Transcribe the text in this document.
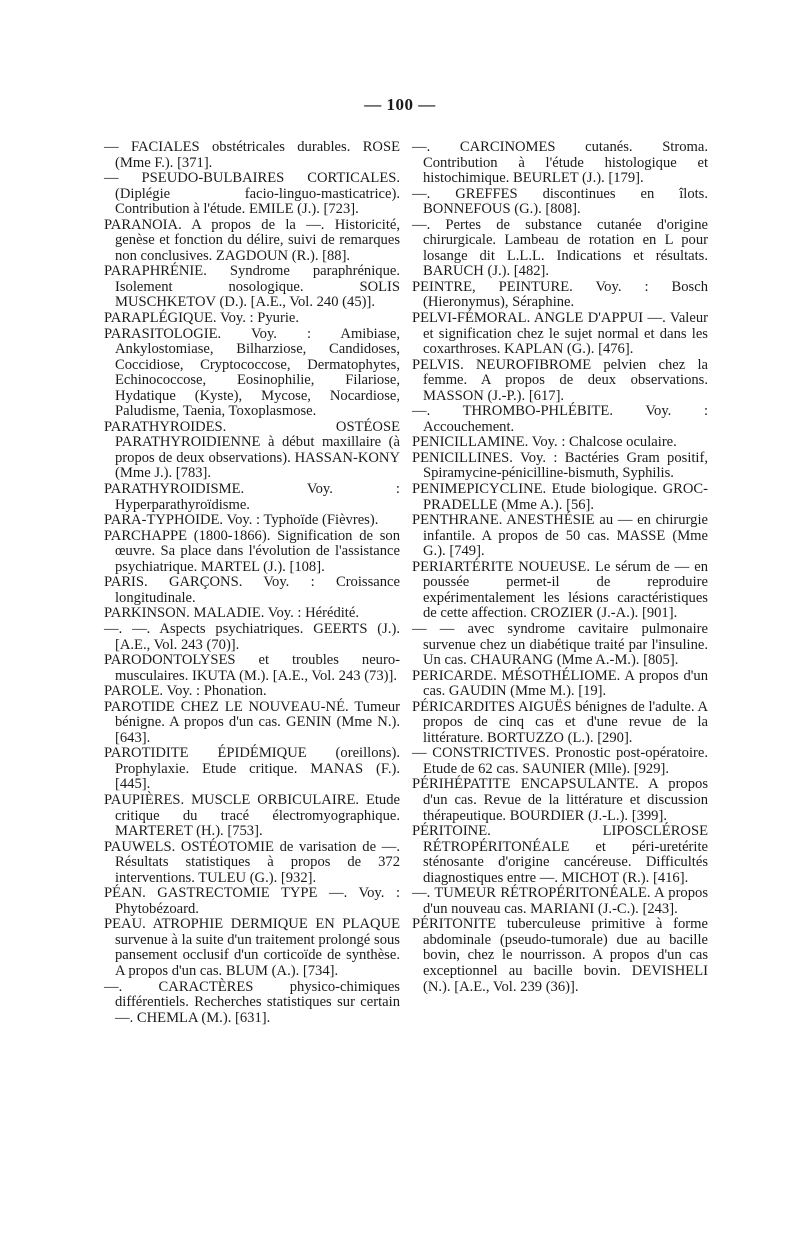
— 100 —

— FACIALES obstétricales durables. ROSE (Mme F.). [371].

— PSEUDO-BULBAIRES CORTICALES. (Diplégie facio-linguo-masticatrice). Contribution à l'étude. EMILE (J.). [723].

PARANOIA. A propos de la —. Historicité, genèse et fonction du délire, suivi de remarques non conclusives. ZAGDOUN (R.). [88].

PARAPHRÉNIE. Syndrome paraphrénique. Isolement nosologique. SOLIS MUSCHKETOV (D.). [A.E., Vol. 240 (45)].

PARAPLÉGIQUE. Voy. : Pyurie.

PARASITOLOGIE. Voy. : Amibiase, Ankylostomiase, Bilharziose, Candidoses, Coccidiose, Cryptococcose, Dermatophytes, Echinococcose, Eosinophilie, Filariose, Hydatique (Kyste), Mycose, Nocardiose, Paludisme, Taenia, Toxoplasmose.

PARATHYROIDES. OSTÉOSE PARATHYROIDIENNE à début maxillaire (à propos de deux observations). HASSAN-KONY (Mme J.). [783].

PARATHYROIDISME. Voy. : Hyperparathyroïdisme.

PARA-TYPHOIDE. Voy. : Typhoïde (Fièvres).

PARCHAPPE (1800-1866). Signification de son œuvre. Sa place dans l'évolution de l'assistance psychiatrique. MARTEL (J.). [108].

PARIS. GARÇONS. Voy. : Croissance longitudinale.

PARKINSON. MALADIE. Voy. : Hérédité.

—. —. Aspects psychiatriques. GEERTS (J.). [A.E., Vol. 243 (70)].

PARODONTOLYSES et troubles neuro-musculaires. IKUTA (M.). [A.E., Vol. 243 (73)].

PAROLE. Voy. : Phonation.

PAROTIDE CHEZ LE NOUVEAU-NÉ. Tumeur bénigne. A propos d'un cas. GENIN (Mme N.). [643].

PAROTIDITE ÉPIDÉMIQUE (oreillons). Prophylaxie. Etude critique. MANAS (F.). [445].

PAUPIÈRES. MUSCLE ORBICULAIRE. Etude critique du tracé électromyographique. MARTERET (H.). [753].

PAUWELS. OSTÉOTOMIE de varisation de —. Résultats statistiques à propos de 372 interventions. TULEU (G.). [932].

PÉAN. GASTRECTOMIE TYPE —. Voy. : Phytobézoard.

PEAU. ATROPHIE DERMIQUE EN PLAQUE survenue à la suite d'un traitement prolongé sous pansement occlusif d'un corticoïde de synthèse. A propos d'un cas. BLUM (A.). [734].

—. CARACTÈRES physico-chimiques différentiels. Recherches statistiques sur certain —. CHEMLA (M.). [631].

—. CARCINOMES cutanés. Stroma. Contribution à l'étude histologique et histochimique. BEURLET (J.). [179].

—. GREFFES discontinues en îlots. BONNEFOUS (G.). [808].

—. Pertes de substance cutanée d'origine chirurgicale. Lambeau de rotation en L pour losange dit L.L.L. Indications et résultats. BARUCH (J.). [482].

PEINTRE, PEINTURE. Voy. : Bosch (Hieronymus), Séraphine.

PELVI-FÉMORAL. ANGLE D'APPUI —. Valeur et signification chez le sujet normal et dans les coxarthroses. KAPLAN (G.). [476].

PELVIS. NEUROFIBROME pelvien chez la femme. A propos de deux observations. MASSON (J.-P.). [617].

—. THROMBO-PHLÉBITE. Voy. : Accouchement.

PENICILLAMINE. Voy. : Chalcose oculaire.

PENICILLINES. Voy. : Bactéries Gram positif, Spiramycine-pénicilline-bismuth, Syphilis.

PENIMEPICYCLINE. Etude biologique. GROC-PRADELLE (Mme A.). [56].

PENTHRANE. ANESTHÉSIE au — en chirurgie infantile. A propos de 50 cas. MASSE (Mme G.). [749].

PERIARTÉRITE NOUEUSE. Le sérum de — en poussée permet-il de reproduire expérimentalement les lésions caractéristiques de cette affection. CROZIER (J.-A.). [901].

— — avec syndrome cavitaire pulmonaire survenue chez un diabétique traité par l'insuline. Un cas. CHAURANG (Mme A.-M.). [805].

PERICARDE. MÉSOTHÉLIOME. A propos d'un cas. GAUDIN (Mme M.). [19].

PÉRICARDITES AIGUËS bénignes de l'adulte. A propos de cinq cas et d'une revue de la littérature. BORTUZZO (L.). [290].

— CONSTRICTIVES. Pronostic post-opératoire. Etude de 62 cas. SAUNIER (Mlle). [929].

PÉRIHÉPATITE ENCAPSULANTE. A propos d'un cas. Revue de la littérature et discussion thérapeutique. BOURDIER (J.-L.). [399].

PÉRITOINE. LIPOSCLÉROSE RÉTROPÉRITONÉALE et péri-uretérite sténosante d'origine cancéreuse. Difficultés diagnostiques entre —. MICHOT (R.). [416].

—. TUMEUR RÉTROPÉRITONÉALE. A propos d'un nouveau cas. MARIANI (J.-C.). [243].

PÉRITONITE tuberculeuse primitive à forme abdominale (pseudo-tumorale) due au bacille bovin, chez le nourrisson. A propos d'un cas exceptionnel au bacille bovin. DEVISHELI (N.). [A.E., Vol. 239 (36)].
